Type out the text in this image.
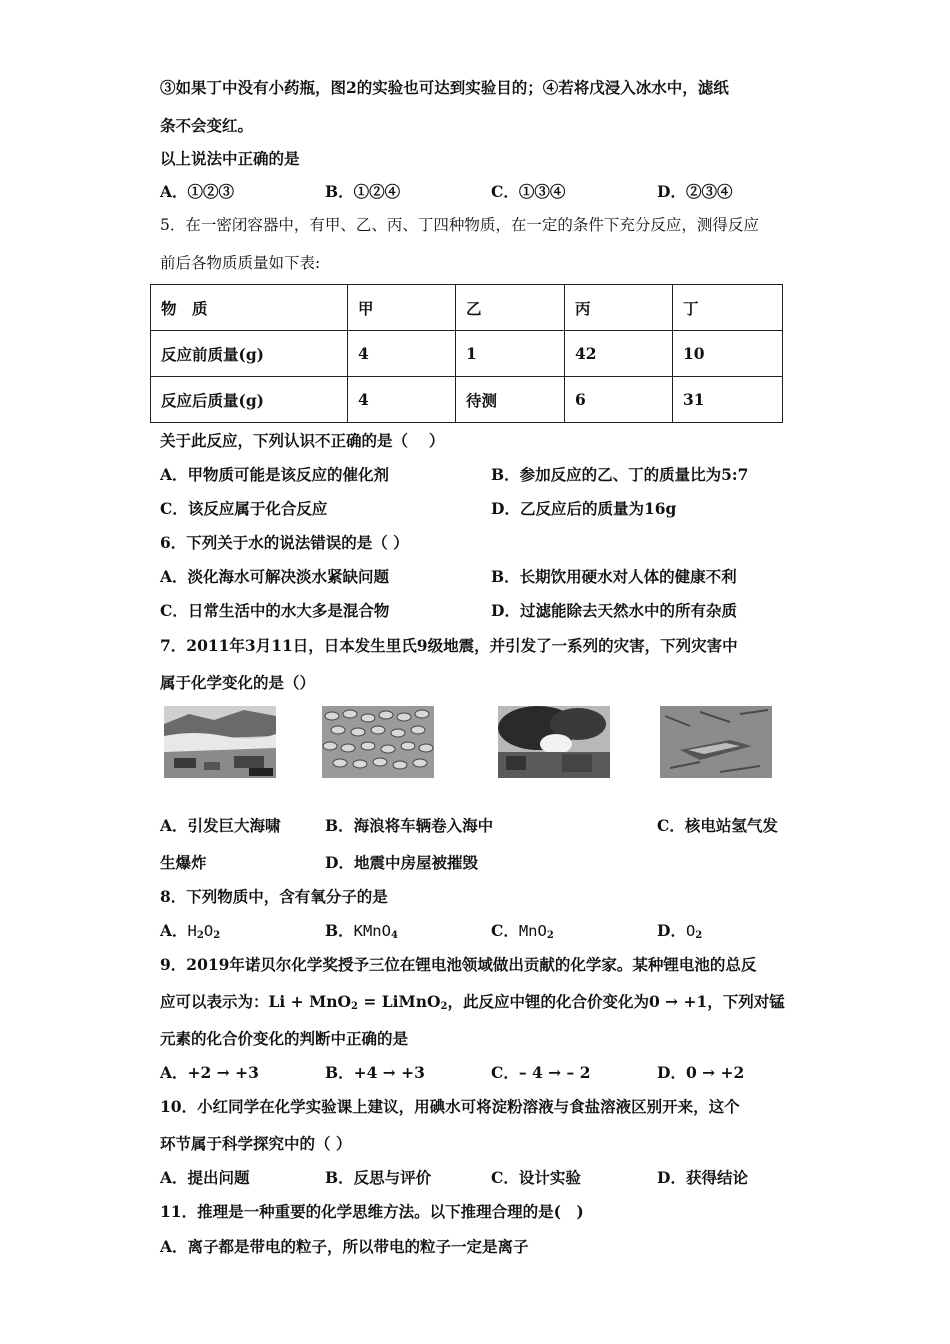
③如果丁中没有小药瓶，图2的实验也可达到实验目的；④若将戊浸入冰水中，滤纸
条不会变红。
以上说法中正确的是
A．①②③	B．①②④	C．①③④	D．②③④
5．在一密闭容器中，有甲、乙、丙、丁四种物质，在一定的条件下充分反应，测得反应
前后各物质质量如下表:
物　质	甲	乙	丙	丁
反应前质量(g)	4	1	42	10
反应后质量(g)	4	待测	6	31
关于此反应，下列认识不正确的是（　 ）
A．甲物质可能是该反应的催化剂	B．参加反应的乙、丁的质量比为5:7
C．该反应属于化合反应	D．乙反应后的质量为16g
6．下列关于水的说法错误的是（ ）
A．淡化海水可解决淡水紧缺问题	B．长期饮用硬水对人体的健康不利
C．日常生活中的水大多是混合物	D．过滤能除去天然水中的所有杂质
7．2011年3月11日，日本发生里氏9级地震，并引发了一系列的灾害，下列灾害中
属于化学变化的是（）
A．引发巨大海啸	B．海浪将车辆卷入海中	C．核电站氢气发
生爆炸	D．地震中房屋被摧毁
8．下列物质中，含有氧分子的是
A．$H_2O_2$	B．KMnO$_4$	C．MnO$_2$	D．$O_2$
9．2019年诺贝尔化学奖授予三位在锂电池领域做出贡献的化学家。某种锂电池的总反
应可以表示为：Li + MnO$_2$ = LiMnO$_2$，此反应中锂的化合价变化为0 → +1，下列对锰
元素的化合价变化的判断中正确的是
A．+2 → +3	B．+4 → +3	C．– 4 → – 2	D．0 → +2
10．小红同学在化学实验课上建议，用碘水可将淀粉溶液与食盐溶液区别开来，这个
环节属于科学探究中的（ ）
A．提出问题	B．反思与评价	C．设计实验	D．获得结论
11．推理是一种重要的化学思维方法。以下推理合理的是(　)
A．离子都是带电的粒子，所以带电的粒子一定是离子
